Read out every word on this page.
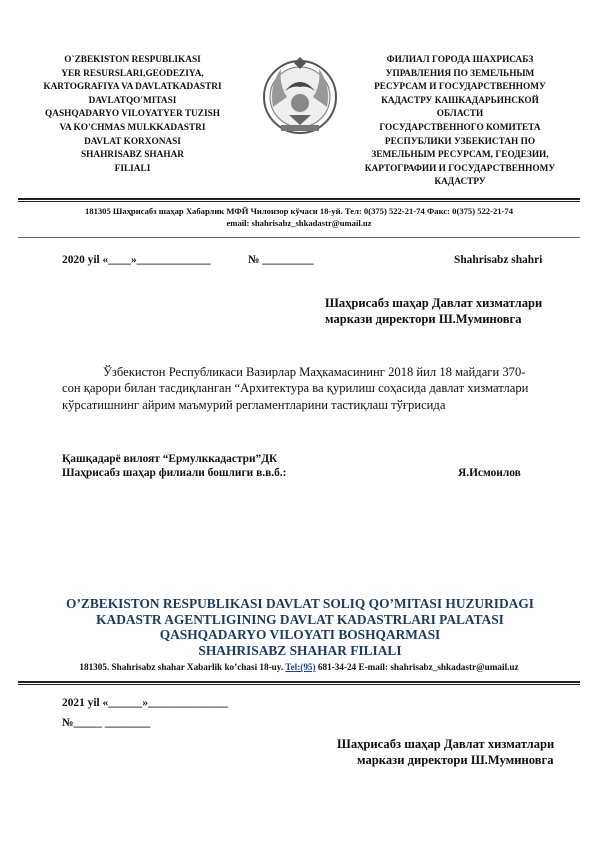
O`ZBEKISTON RESPUBLIKASI
YER RESURSLARI,GEODEZIYA,
KARTOGRAFIYA VA DAVLATKADASTRI
DAVLATQO'MITASI
QASHQADARYO VILOYATYER TUZISH
VA KO'CHMAS MULKKADASTRI
DAVLAT KORXONASI
SHAHRISABZ SHAHAR
FILIALI
ФИЛИАЛ ГОРОДА ШАХРИСАБЗ
УПРАВЛЕНИЯ ПО ЗЕМЕЛЬНЫМ
РЕСУРСАМ И ГОСУДАРСТВЕННОМУ
КАДАСТРУ КАШКАДАРЬИНСКОЙ
ОБЛАСТИ
ГОСУДАРСТВЕННОГО КОМИТЕТА
РЕСПУБЛИКИ УЗБЕКИСТАН ПО
ЗЕМЕЛЬНЫМ РЕСУРСАМ, ГЕОДЕЗИИ,
КАРТОГРАФИИ И ГОСУДАРСТВЕННОМУ
КАДАСТРУ
181305 Шаҳрисабз шаҳар Хабарлик МФЙ Чилонзор кўчаси 18-уй. Тел: 0(375) 522-21-74 Факс: 0(375) 522-21-74
email: shahrisabz_shkadastr@umail.uz
2020 yil «____»_____________	№ _________	Shahrisabz shahri
Шаҳрисабз шаҳар Давлат хизматлари
маркази директори Ш.Муминовга
Ўзбекистон Республикаси Вазирлар Маҳкамасининг 2018 йил 18 майдаги 370-
сон қарори билан тасдиқланган “Архитектура ва қурилиш соҳасида давлат хизматлари
кўрсатишнинг айрим маъмурий регламентларини тастиқлаш тўғрисида
Қашқадарё вилоят “Ермулккадастри”ДК
Шаҳрисабз шаҳар филиали бошлиги в.в.б.:	Я.Исмоилов
O’ZBEKISTON RESPUBLIKASI DAVLAT SOLIQ QO’MITASI HUZURIDAGI
KADASTR AGENTLIGINING DAVLAT KADASTRLARI PALATASI
QASHQADARYO VILOYATI BOSHQARMASI
SHAHRISABZ SHAHAR FILIALI
181305. Shahrisabz shahar Xabarlik ko’chasi 18-uy. Tel:(95) 681-34-24 E-mail: shahrisabz_shkadastr@umail.uz
2021 yil «______»______________
№_____ ________
Шаҳрисабз шаҳар Давлат хизматлари
маркази директори Ш.Муминовга
